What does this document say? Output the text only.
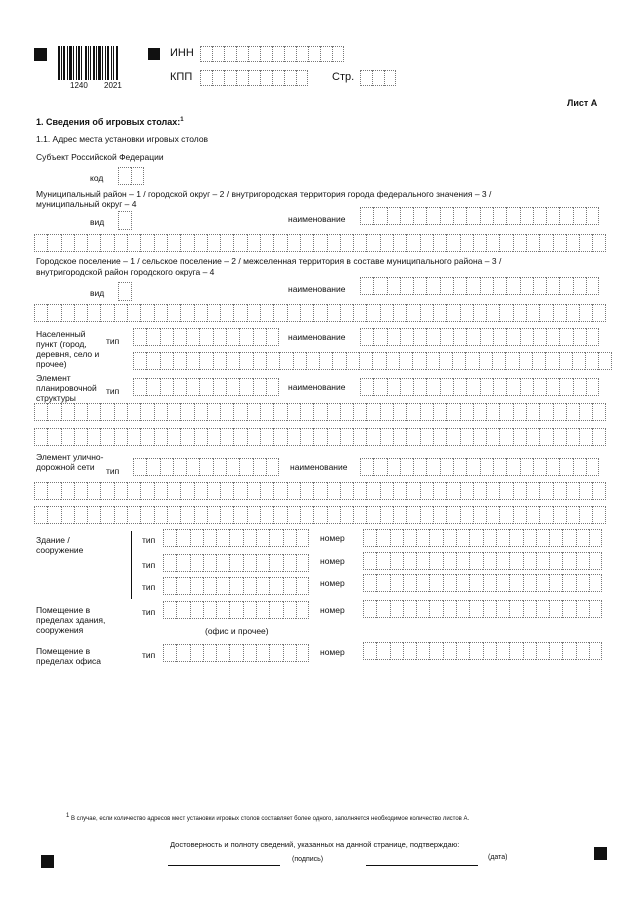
1240 2021
ИНН
КПП	Стр.
Лист А
1. Сведения об игровых столах:$^1$
1.1. Адрес места установки игровых столов
Субъект Российской Федерации
код
Муниципальный район – 1 / городской округ – 2 / внутригородская территория города федерального значения – 3 /
муниципальный округ – 4
вид	наименование
Городское поселение – 1 / сельское поселение – 2 / межселенная территория в составе муниципального района – 3 /
внутригородской район городского округа – 4
вид	наименование
Населенный пункт (город, деревня, село и прочее)
тип	наименование
Элемент планировочной структуры
тип	наименование
Элемент улично-дорожной сети	тип	наименование
Здание / сооружение
тип	номер
тип	номер
тип	номер
Помещение в пределах здания, сооружения
тип	номер
(офис и прочее)
Помещение в пределах офиса
тип	номер
$^1$ В случае, если количество адресов мест установки игровых столов составляет более одного, заполняется необходимое количество листов А.
Достоверность и полноту сведений, указанных на данной странице, подтверждаю:
(подпись)	(дата)
